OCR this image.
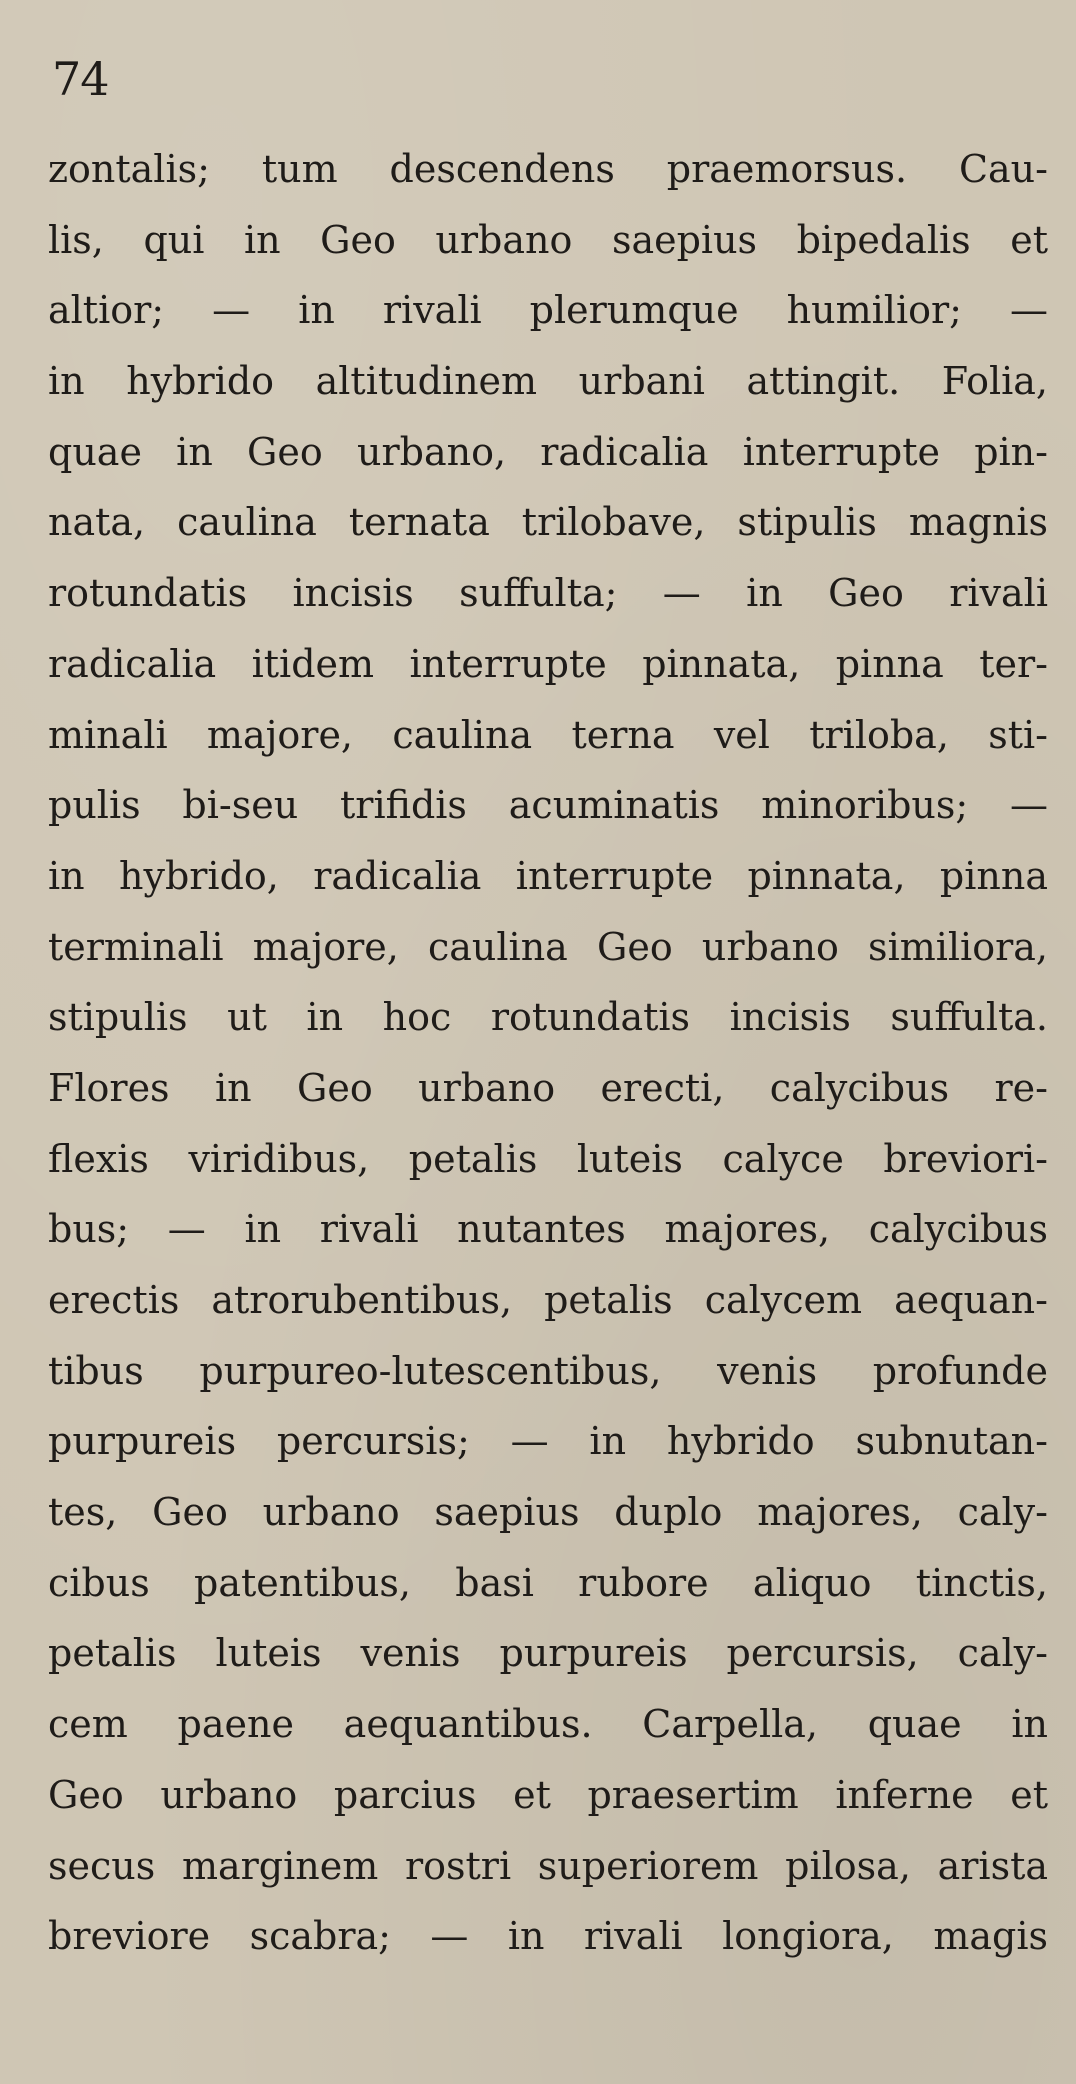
74
zontalis; tum descendens praemorsus. Cau-
lis, qui in Geo urbano saepius bipedalis et
altior; — in rivali plerumque humilior; —
in hybrido altitudinem urbani attingit. Folia,
quae in Geo urbano, radicalia interrupte pin-
nata, caulina ternata trilobave, stipulis magnis
rotundatis incisis suffulta; — in Geo rivali
radicalia itidem interrupte pinnata, pinna ter-
minali majore, caulina terna vel triloba, sti-
pulis bi-seu trifidis acuminatis minoribus; —
in hybrido, radicalia interrupte pinnata, pinna
terminali majore, caulina Geo urbano similiora,
stipulis ut in hoc rotundatis incisis suffulta.
Flores in Geo urbano erecti, calycibus re-
flexis viridibus, petalis luteis calyce breviori-
bus; — in rivali nutantes majores, calycibus
erectis atrorubentibus, petalis calycem aequan-
tibus purpureo-lutescentibus, venis profunde
purpureis percursis; — in hybrido subnutan-
tes, Geo urbano saepius duplo majores, caly-
cibus patentibus, basi rubore aliquo tinctis,
petalis luteis venis purpureis percursis, caly-
cem paene aequantibus. Carpella, quae in
Geo urbano parcius et praesertim inferne et
secus marginem rostri superiorem pilosa, arista
breviore scabra; — in rivali longiora, magis
